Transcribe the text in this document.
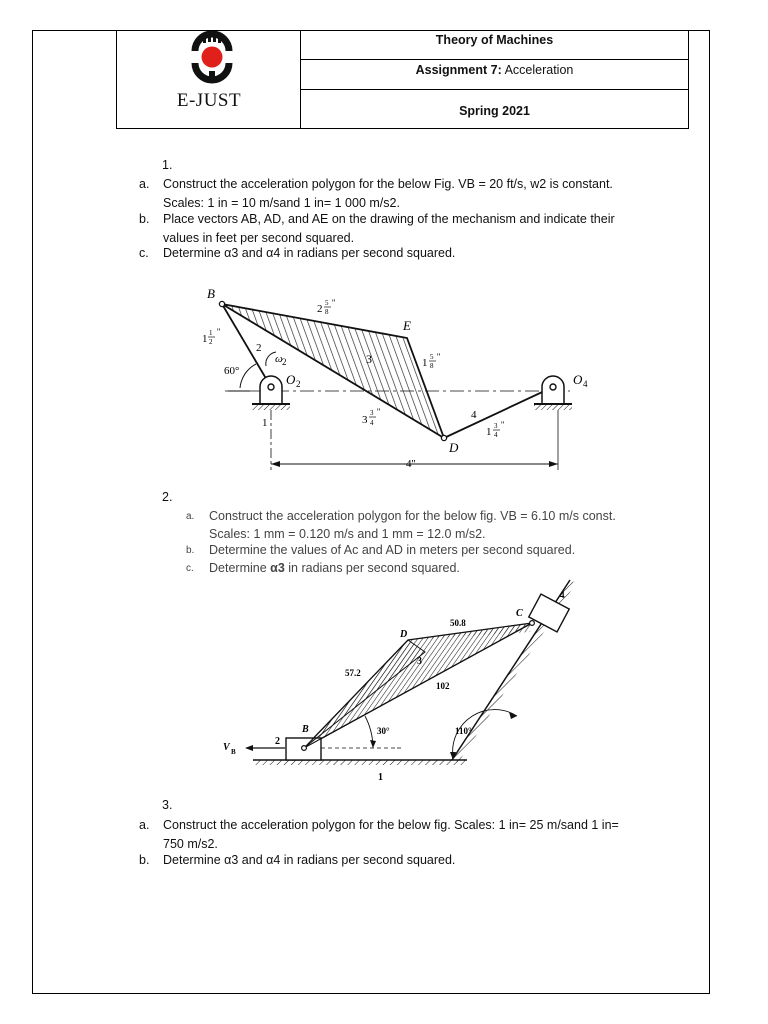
E-JUST
Theory of Machines
Assignment 7: Acceleration
Spring 2021
1.
a. Construct the acceleration polygon for the below Fig. VB = 20 ft/s, w2 is constant.
Scales: 1 in = 10 m/sand 1 in= 1 000 m/s2.
b. Place vectors AB, AD, and AE on the drawing of the mechanism and indicate their
values in feet per second squared.
c. Determine α3 and α4 in radians per second squared.
B
E
D
O 2	O 4
2
3
4
1
ω 2
60°
2 5
8
''
1 1
2
''
1 5
8
''
3
3
4
''
1 3
4
''
4''
2.
a. Construct the acceleration polygon for the below fig. VB = 6.10 m/s const.
Scales: 1 mm = 0.120 m/s and 1 mm = 12.0 m/s2.
b. Determine the values of Ac and AD in meters per second squared.
c. Determine α3 in radians per second squared.
B
C
D
2
3
4
1
V B
50.8
57.2
102
30°	110°
3.
a. Construct the acceleration polygon for the below fig. Scales: 1 in= 25 m/sand 1 in=
750 m/s2.
b. Determine α3 and α4 in radians per second squared.
